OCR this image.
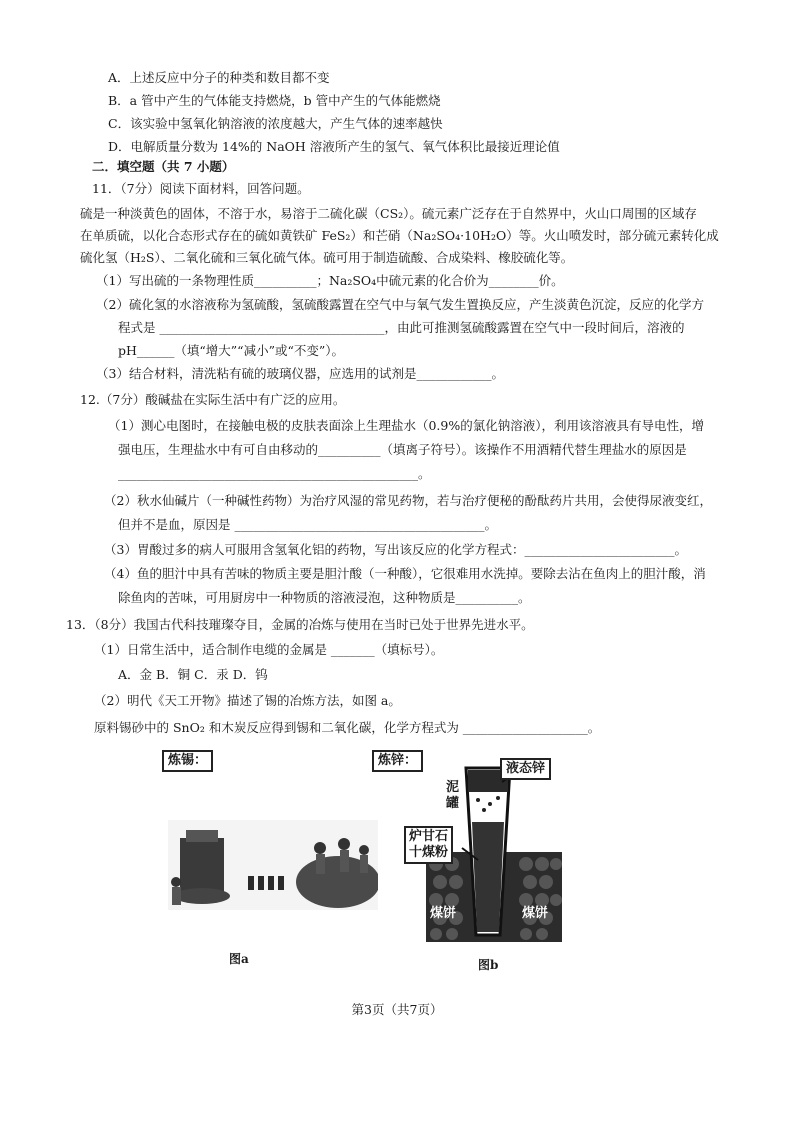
A．上述反应中分子的种类和数目都不变
B．a 管中产生的气体能支持燃烧，b 管中产生的气体能燃烧
C．该实验中氢氧化钠溶液的浓度越大，产生气体的速率越快
D．电解质量分数为 14%的 NaOH 溶液所产生的氢气、氧气体积比最接近理论值
二．填空题（共 7 小题）
11．（7分）阅读下面材料，回答问题。
硫是一种淡黄色的固体，不溶于水，易溶于二硫化碳（CS₂）。硫元素广泛存在于自然界中，火山口周围的区域存
在单质硫，以化合态形式存在的硫如黄铁矿 FeS₂）和芒硝（Na₂SO₄·10H₂O）等。火山喷发时，部分硫元素转化成
硫化氢（H₂S）、二氧化硫和三氧化硫气体。硫可用于制造硫酸、合成染料、橡胶硫化等。
（1）写出硫的一条物理性质__________；Na₂SO₄中硫元素的化合价为________价。
（2）硫化氢的水溶液称为氢硫酸，氢硫酸露置在空气中与氧气发生置换反应，产生淡黄色沉淀，反应的化学方
程式是 ____________________________________，由此可推测氢硫酸露置在空气中一段时间后，溶液的
pH______（填“增大”“减小”或“不变”）。
（3）结合材料，清洗粘有硫的玻璃仪器，应选用的试剂是____________。
12.（7分）酸碱盐在实际生活中有广泛的应用。
（1）测心电图时，在接触电极的皮肤表面涂上生理盐水（0.9%的氯化钠溶液），利用该溶液具有导电性，增
强电压，生理盐水中有可自由移动的__________（填离子符号）。该操作不用酒精代替生理盐水的原因是
________________________________________________。
（2）秋水仙碱片（一种碱性药物）为治疗风湿的常见药物，若与治疗便秘的酚酞药片共用，会使得尿液变红，
但并不是血，原因是 ________________________________________。
（3）胃酸过多的病人可服用含氢氧化铝的药物，写出该反应的化学方程式：________________________。
（4）鱼的胆汁中具有苦味的物质主要是胆汁酸（一种酸），它很难用水洗掉。要除去沾在鱼肉上的胆汁酸，消
除鱼肉的苦味，可用厨房中一种物质的溶液浸泡，这种物质是__________。
13．（8分）我国古代科技璀璨夺目，金属的冶炼与使用在当时已处于世界先进水平。
（1）日常生活中，适合制作电缆的金属是 _______（填标号）。
A．金 B．铜 C．汞 D．钨
（2）明代《天工开物》描述了锡的冶炼方法，如图 a。
原料锡砂中的 SnO₂ 和木炭反应得到锡和二氧化碳，化学方程式为 ____________________。
炼锡：
图a
炼锌：
液态锌
泥罐
炉甘石
十煤粉
煤饼	煤饼
图b
第3页（共7页）
